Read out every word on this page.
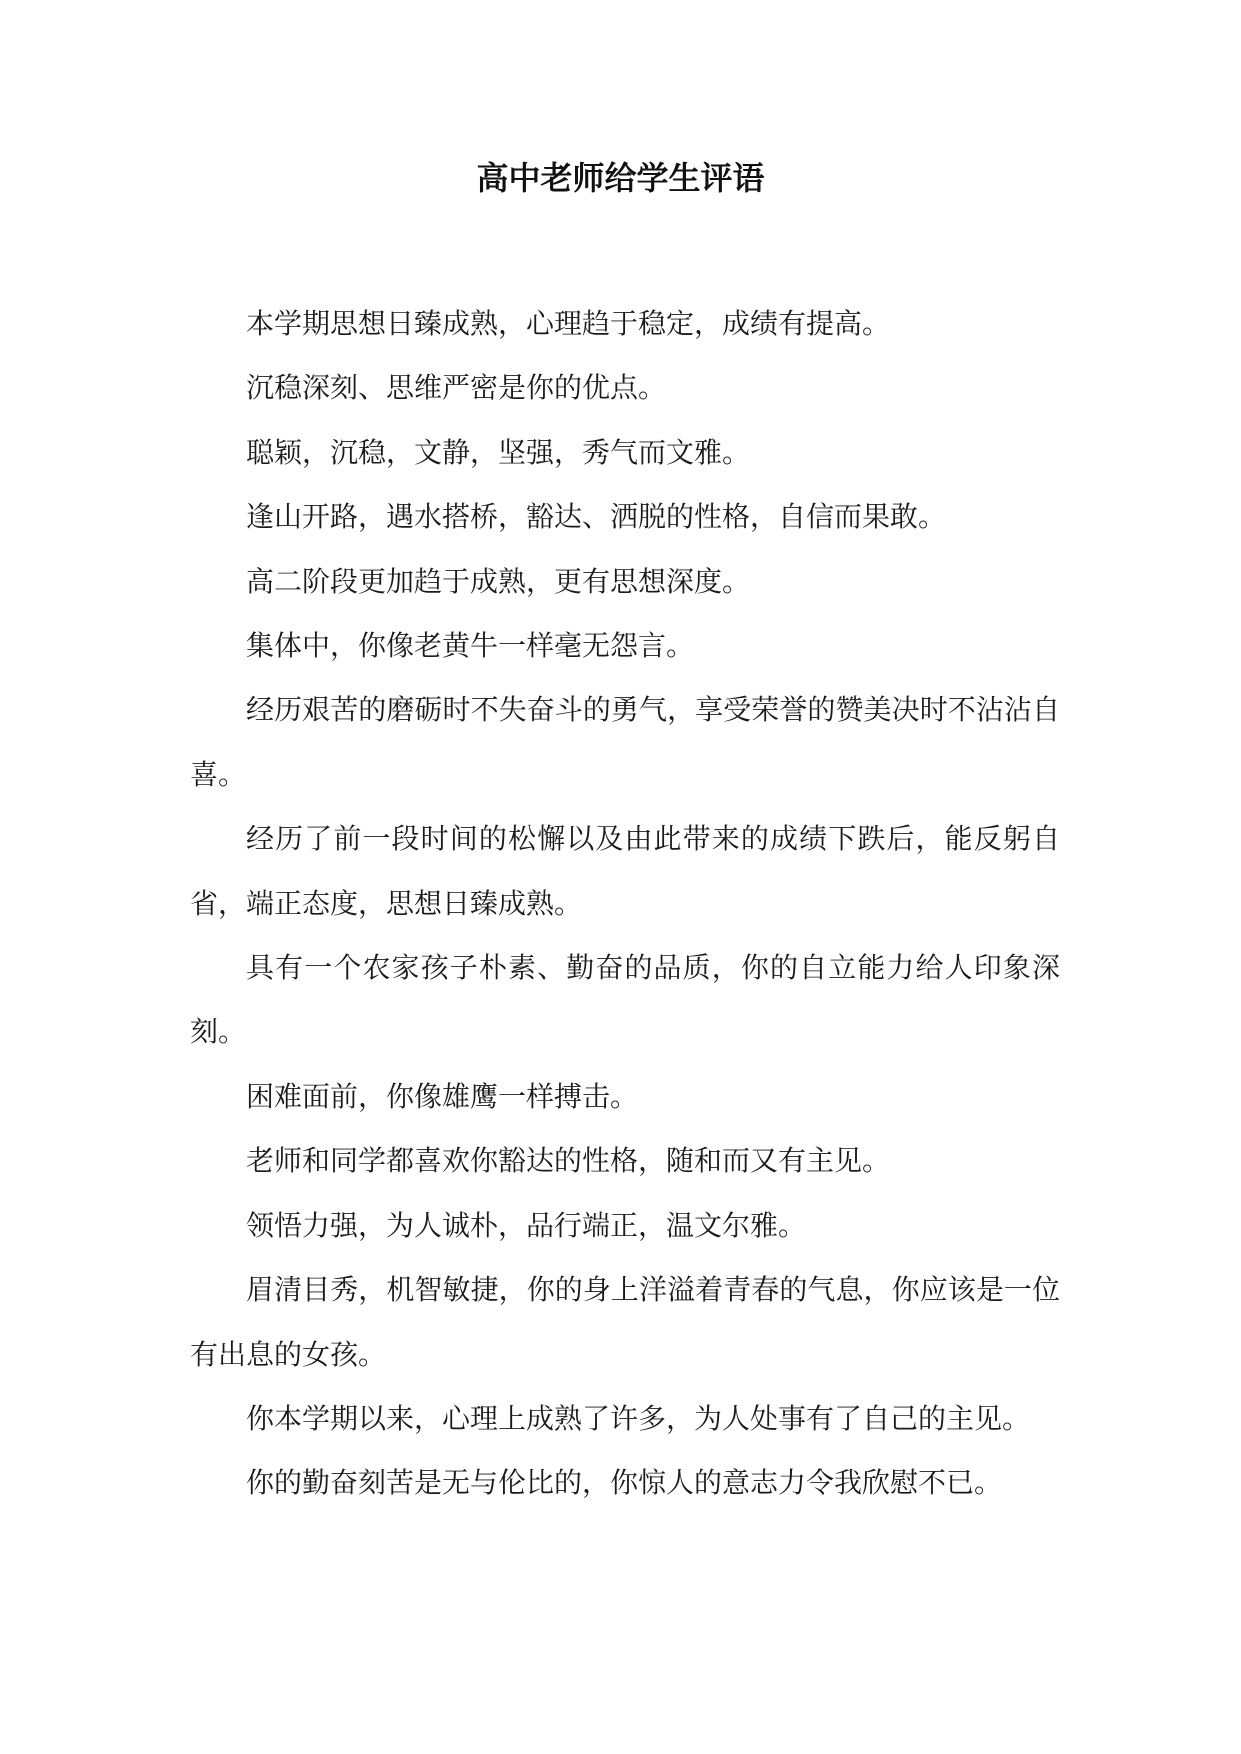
高中老师给学生评语

本学期思想日臻成熟，心理趋于稳定，成绩有提高。

沉稳深刻、思维严密是你的优点。

聪颖，沉稳，文静，坚强，秀气而文雅。

逢山开路，遇水搭桥，豁达、洒脱的性格，自信而果敢。

高二阶段更加趋于成熟，更有思想深度。

集体中，你像老黄牛一样毫无怨言。

经历艰苦的磨砺时不失奋斗的勇气，享受荣誉的赞美决时不沾沾自喜。

经历了前一段时间的松懈以及由此带来的成绩下跌后，能反躬自省，端正态度，思想日臻成熟。

具有一个农家孩子朴素、勤奋的品质，你的自立能力给人印象深刻。

困难面前，你像雄鹰一样搏击。

老师和同学都喜欢你豁达的性格，随和而又有主见。

领悟力强，为人诚朴，品行端正，温文尔雅。

眉清目秀，机智敏捷，你的身上洋溢着青春的气息，你应该是一位有出息的女孩。

你本学期以来，心理上成熟了许多，为人处事有了自己的主见。

你的勤奋刻苦是无与伦比的，你惊人的意志力令我欣慰不已。
